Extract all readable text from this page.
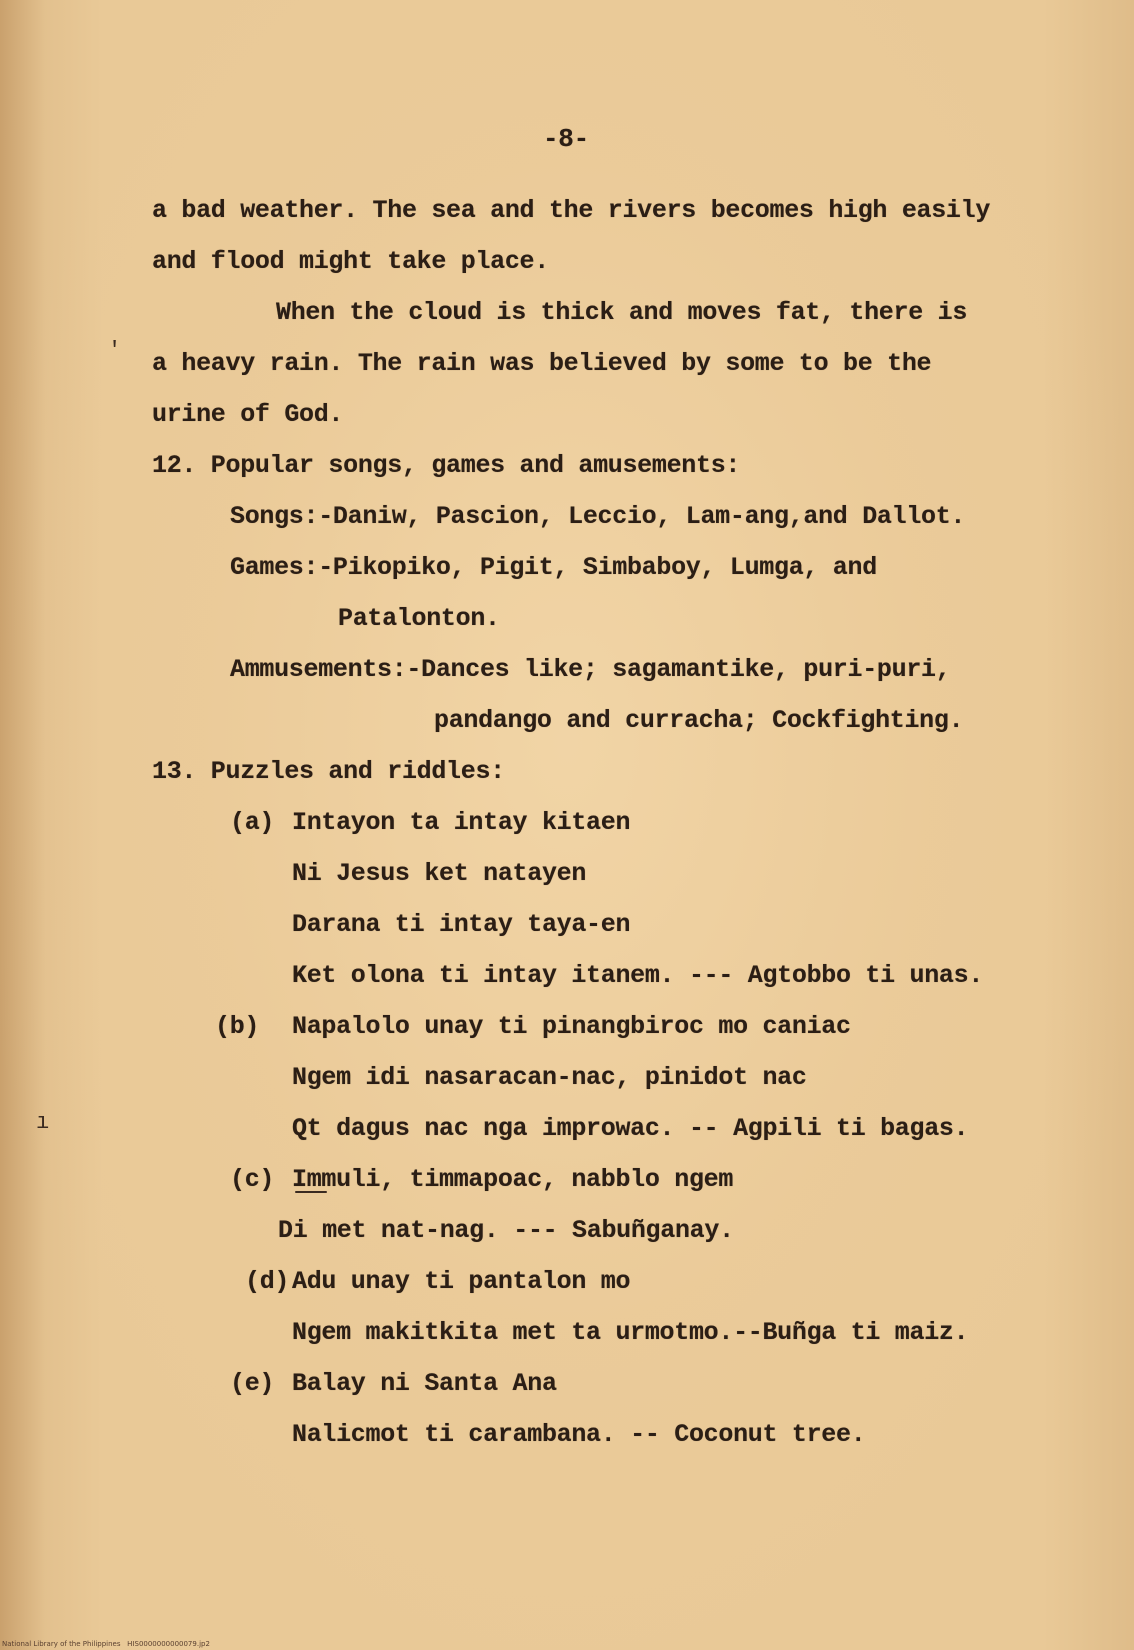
-8-
a bad weather. The sea and the rivers becomes high easily
and flood might take place.
When the cloud is thick and moves fat, there is
a heavy rain. The rain was believed by some to be the
urine of God.
12. Popular songs, games and amusements:
Songs:-Daniw, Pascion, Leccio, Lam-ang,and Dallot.
Games:-Pikopiko, Pigit, Simbaboy, Lumga, and
Patalonton.
Ammusements:-Dances like; sagamantike, puri-puri,
pandango and curracha; Cockfighting.
13. Puzzles and riddles:
(a) Intayon ta intay kitaen
Ni Jesus ket natayen
Darana ti intay taya-en
Ket olona ti intay itanem. --- Agtobbo ti unas.
(b) Napalolo unay ti pinangbiroc mo caniac
Ngem idi nasaracan-nac, pinidot nac
Qt dagus nac nga improwac. -- Agpili ti bagas.
(c) Immuli, timmapoac, nabblo ngem
Di met nat-nag. --- Sabuñganay.
(d) Adu unay ti pantalon mo
Ngem makitkita met ta urmotmo.--Buñga ti maiz.
(e) Balay ni Santa Ana
Nalicmot ti carambana. -- Coconut tree.
′
ı
National Library of the Philippines   HIS0000000000079.jp2
